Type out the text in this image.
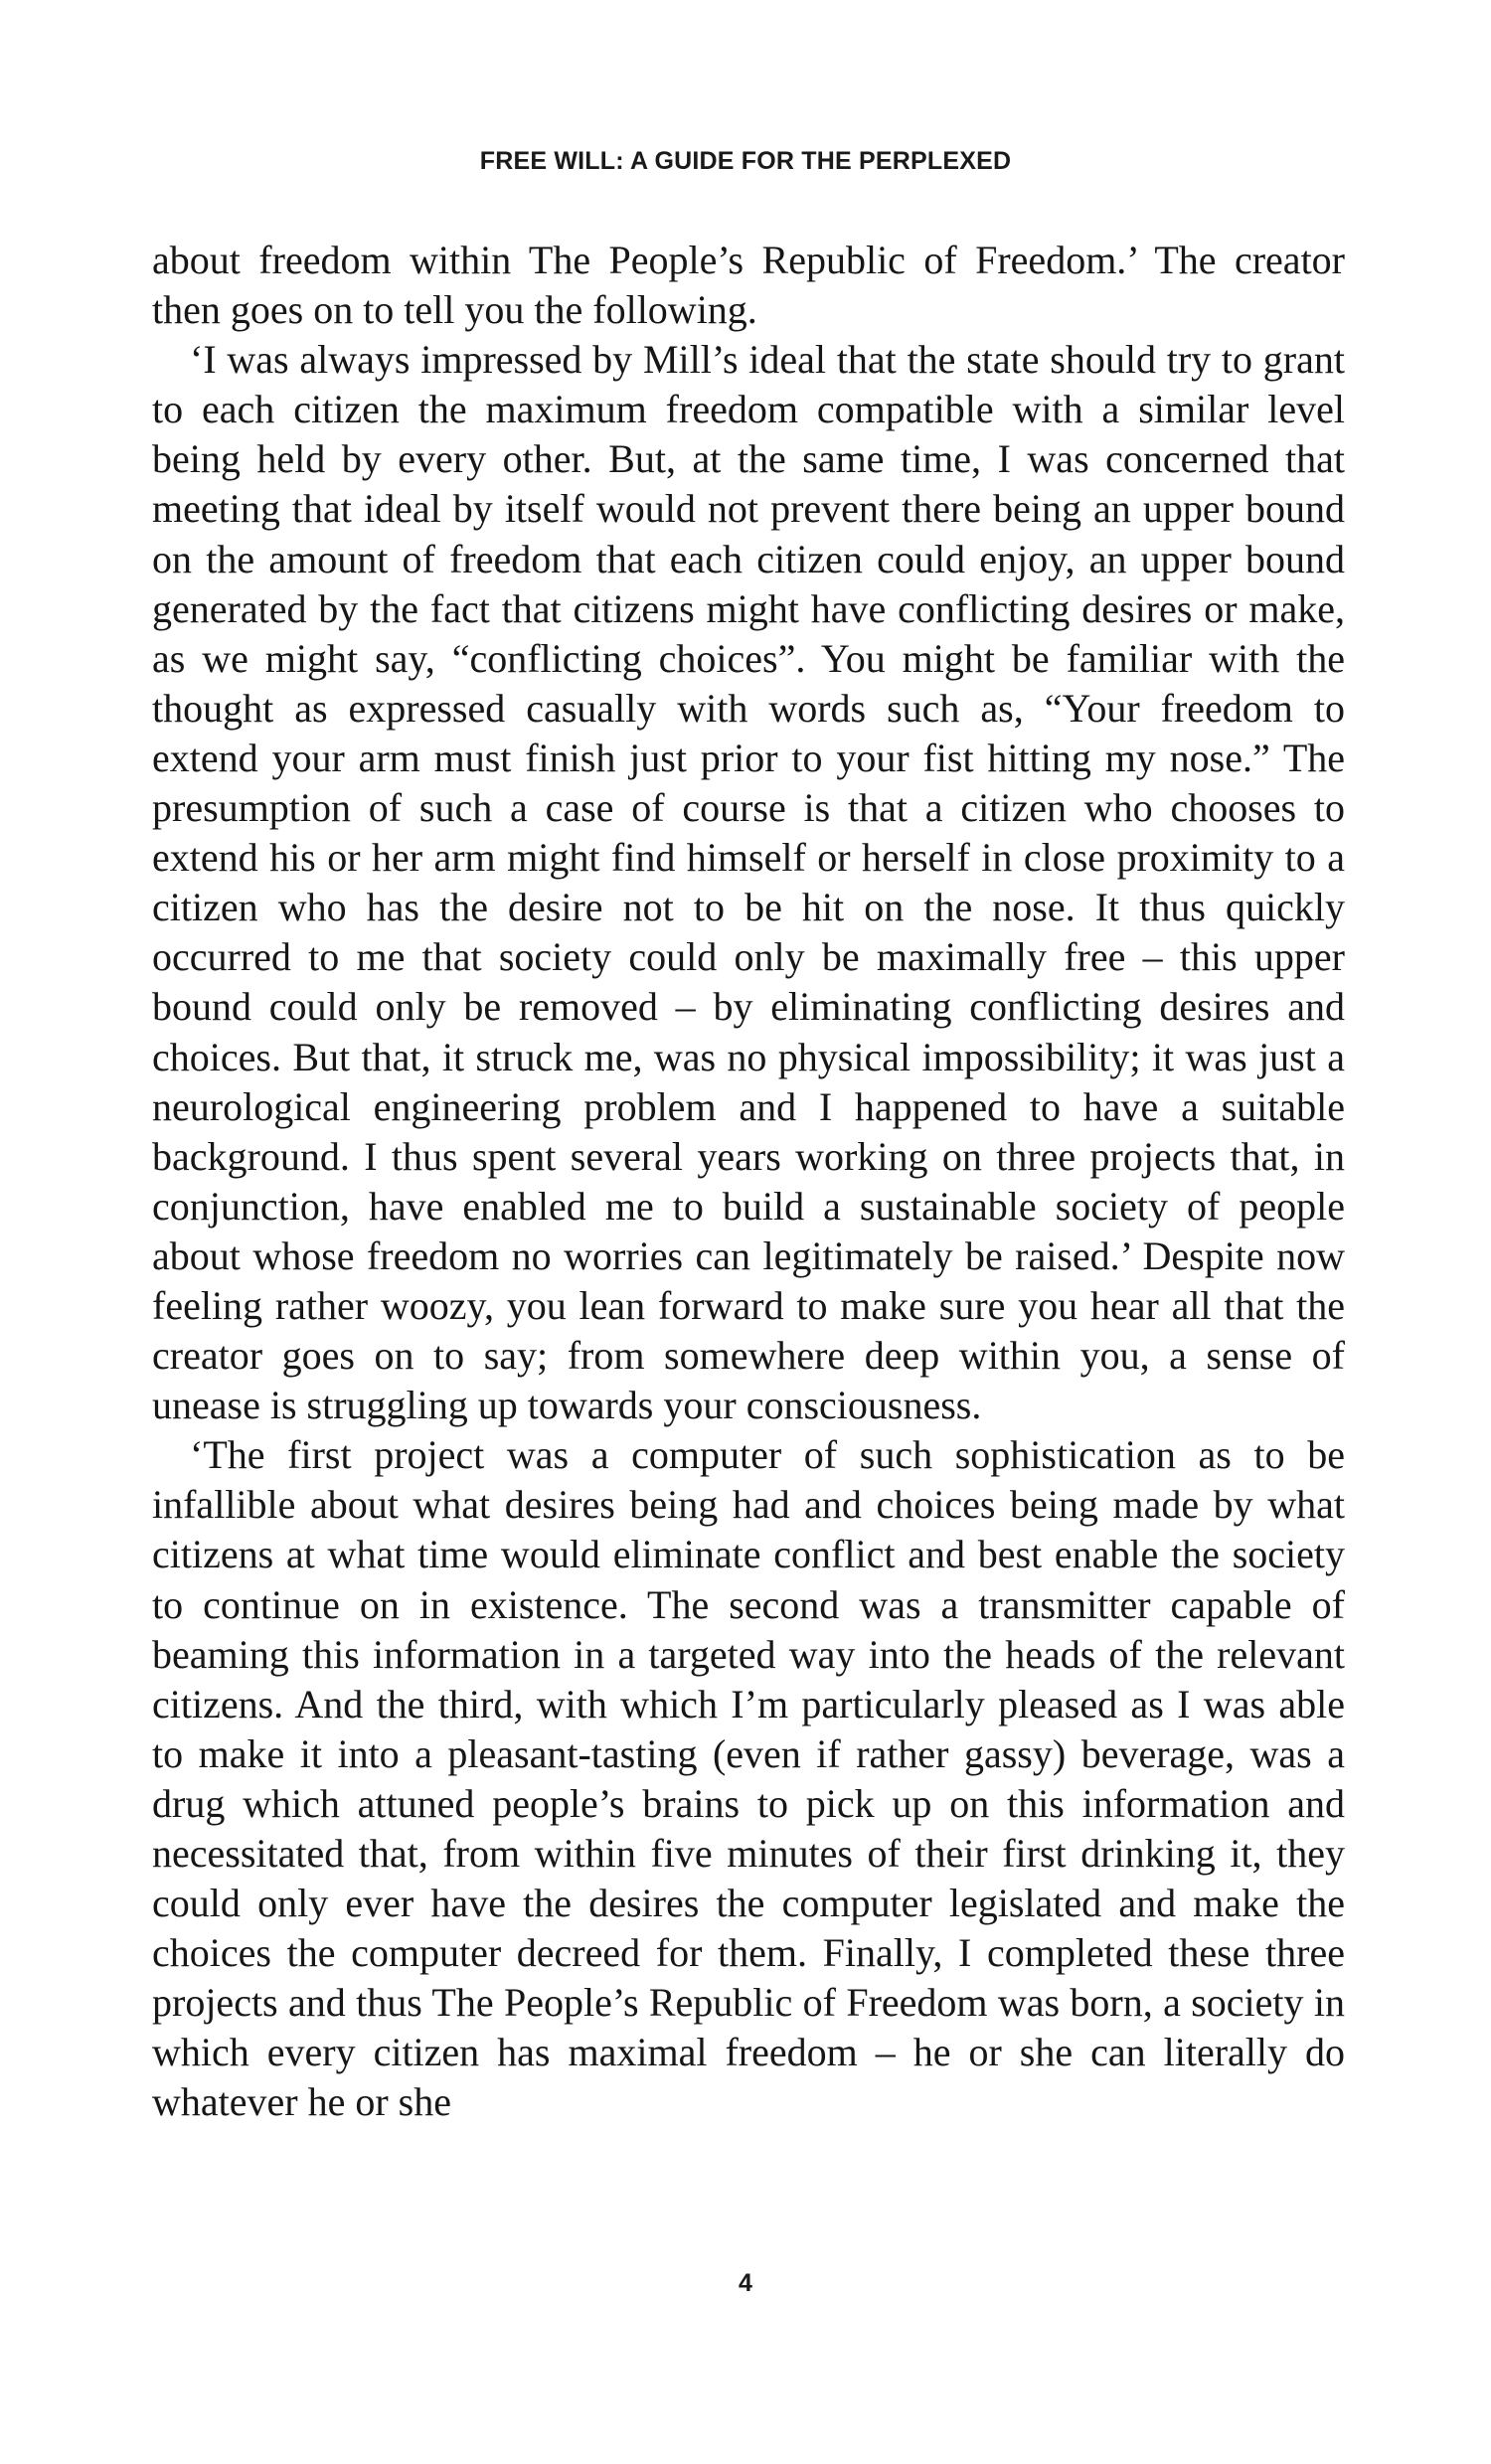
FREE WILL: A GUIDE FOR THE PERPLEXED

about freedom within The People’s Republic of Freedom.’ The creator then goes on to tell you the following.

‘I was always impressed by Mill’s ideal that the state should try to grant to each citizen the maximum freedom compatible with a similar level being held by every other. But, at the same time, I was concerned that meeting that ideal by itself would not prevent there being an upper bound on the amount of freedom that each citizen could enjoy, an upper bound generated by the fact that citizens might have conflicting desires or make, as we might say, “conflicting choices”. You might be familiar with the thought as expressed casually with words such as, “Your freedom to extend your arm must finish just prior to your fist hitting my nose.” The presumption of such a case of course is that a citizen who chooses to extend his or her arm might find himself or herself in close proximity to a citizen who has the desire not to be hit on the nose. It thus quickly occurred to me that society could only be maximally free – this upper bound could only be removed – by eliminating conflicting desires and choices. But that, it struck me, was no physical impossibility; it was just a neurological engineering problem and I happened to have a suitable background. I thus spent several years working on three projects that, in conjunction, have enabled me to build a sustainable society of people about whose freedom no worries can legitimately be raised.’ Despite now feeling rather woozy, you lean forward to make sure you hear all that the creator goes on to say; from somewhere deep within you, a sense of unease is struggling up towards your consciousness.

‘The first project was a computer of such sophistication as to be infallible about what desires being had and choices being made by what citizens at what time would eliminate conflict and best enable the society to continue on in existence. The second was a transmitter capable of beaming this information in a targeted way into the heads of the relevant citizens. And the third, with which I’m particularly pleased as I was able to make it into a pleasant-tasting (even if rather gassy) beverage, was a drug which attuned people’s brains to pick up on this information and necessitated that, from within five minutes of their first drinking it, they could only ever have the desires the computer legislated and make the choices the computer decreed for them. Finally, I completed these three projects and thus The People’s Republic of Freedom was born, a society in which every citizen has maximal freedom – he or she can literally do whatever he or she

4
